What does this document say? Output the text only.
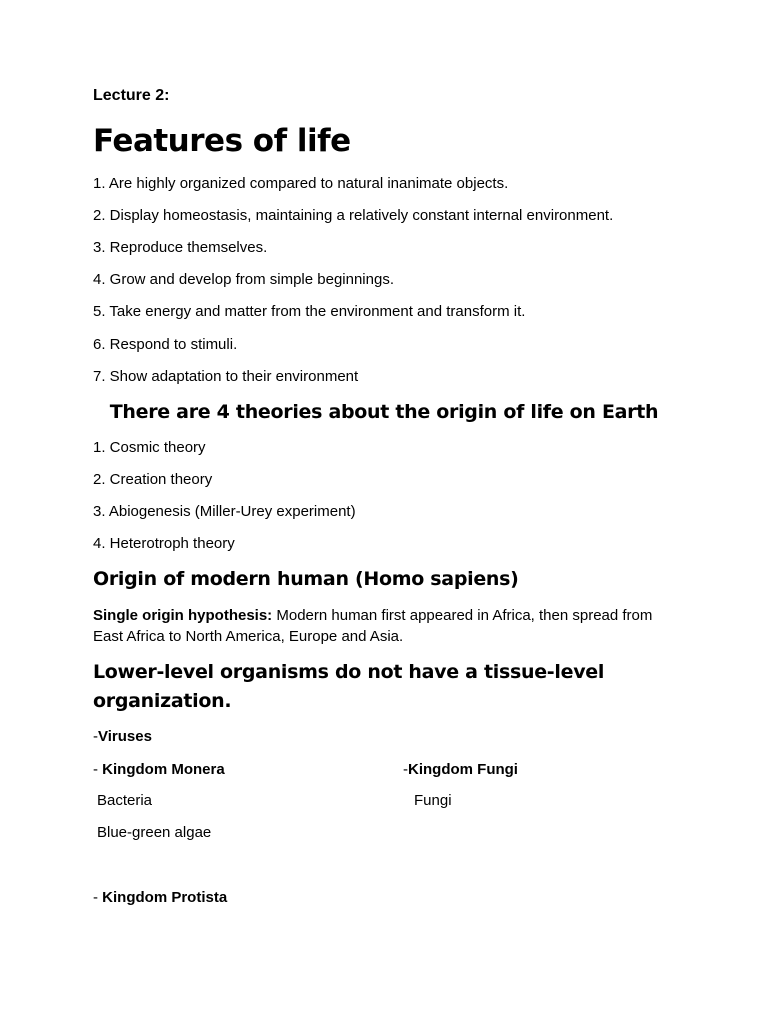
Lecture 2:
Features of life
1. Are highly organized compared to natural inanimate objects.
2. Display homeostasis, maintaining a relatively constant internal environment.
3. Reproduce themselves.
4. Grow and develop from simple beginnings.
5. Take energy and matter from the environment and transform it.
6. Respond to stimuli.
7. Show adaptation to their environment
There are 4 theories about the origin of life on Earth
1. Cosmic theory
2. Creation theory
3. Abiogenesis (Miller-Urey experiment)
4. Heterotroph theory
Origin of modern human (Homo sapiens)
Single origin hypothesis: Modern human first appeared in Africa, then spread from East Africa to North America, Europe and Asia.
Lower-level organisms do not have a tissue-level organization.
-Viruses
- Kingdom Monera	-Kingdom Fungi
Bacteria	Fungi
Blue-green algae
- Kingdom Protista
